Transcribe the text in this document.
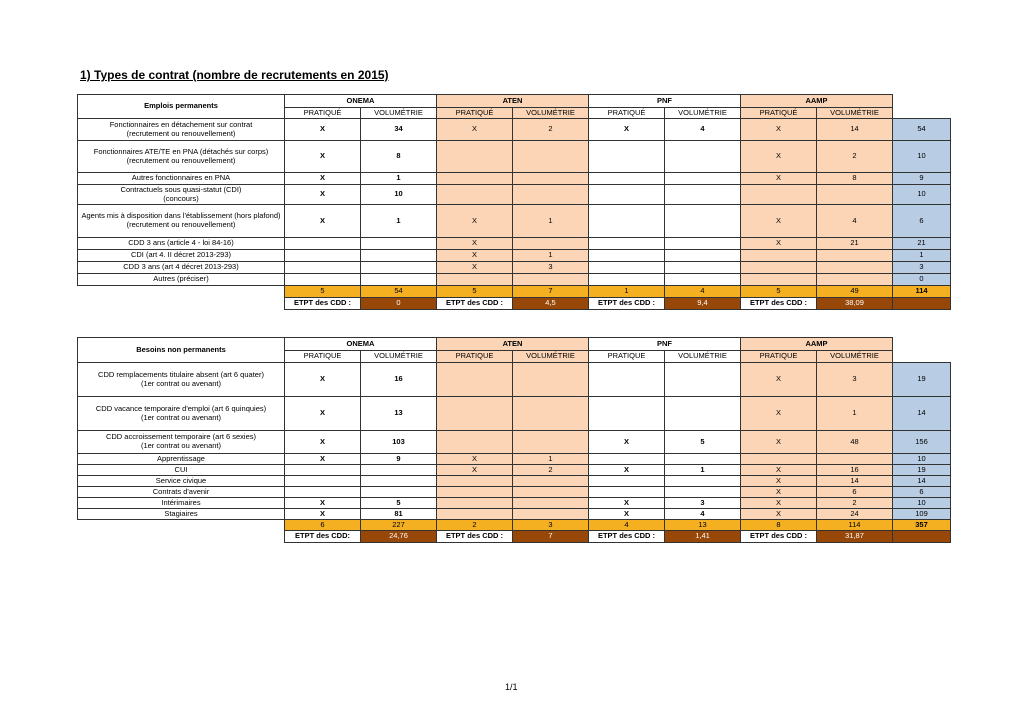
1) Types de contrat (nombre de recrutements en 2015)
Emplois permanents	ONEMA		ATEN		PNF		AAMP		
	PRATIQUÉ	VOLUMÉTRIE	PRATIQUÉ	VOLUMÉTRIE	PRATIQUÉ	VOLUMÉTRIE	PRATIQUÉ	VOLUMÉTRIE	
Fonctionnaires en détachement sur contrat
(recrutement ou renouvellement)	X	34	X	2	X	4	X	14	54
Fonctionnaires ATE/TE en PNA (détachés sur corps)
(recrutement ou renouvellement)	X	8					X	2	10
Autres fonctionnaires en PNA	X	1					X	8	9
Contractuels sous quasi-statut (CDI)
(concours)	X	10							10
Agents mis à disposition dans l'établissement (hors plafond)
(recrutement ou renouvellement)	X	1	X	1			X	4	6
CDD 3 ans (article 4 - loi 84-16)			X				X	21	21
CDI (art 4. II décret 2013-293)			X	1					1
CDD 3 ans (art 4 décret 2013-293)			X	3					3
Autres (préciser)									0
	5	54	5	7	1	4	5	49	114
	ETPT des CDD :	0	ETPT des CDD :	4,5	ETPT des CDD :	9,4	ETPT des CDD :	38,09	
Besoins non permanents	ONEMA		ATEN		PNF		AAMP		
	PRATIQUE	VOLUMÉTRIE	PRATIQUE	VOLUMÉTRIE	PRATIQUE	VOLUMÉTRIE	PRATIQUE	VOLUMÉTRIE	
CDD remplacements titulaire absent (art 6 quater)
(1er contrat ou avenant)	X	16					X	3	19
CDD vacance temporaire d'emploi (art 6 quinquies)
(1er contrat ou avenant)	X	13					X	1	14
CDD accroissement temporaire (art 6 sexies)
(1er contrat ou avenant)	X	103			X	5	X	48	156
Apprentissage	X	9	X	1					10
CUI			X	2	X	1	X	16	19
Service civique							X	14	14
Contrats d'avenir							X	6	6
Intérimaires	X	5			X	3	X	2	10
Stagiaires	X	81			X	4	X	24	109
	6	227	2	3	4	13	8	114	357
	ETPT des CDD:	24,76	ETPT des CDD :	7	ETPT des CDD :	1,41	ETPT des CDD :	31,87	
1/1
